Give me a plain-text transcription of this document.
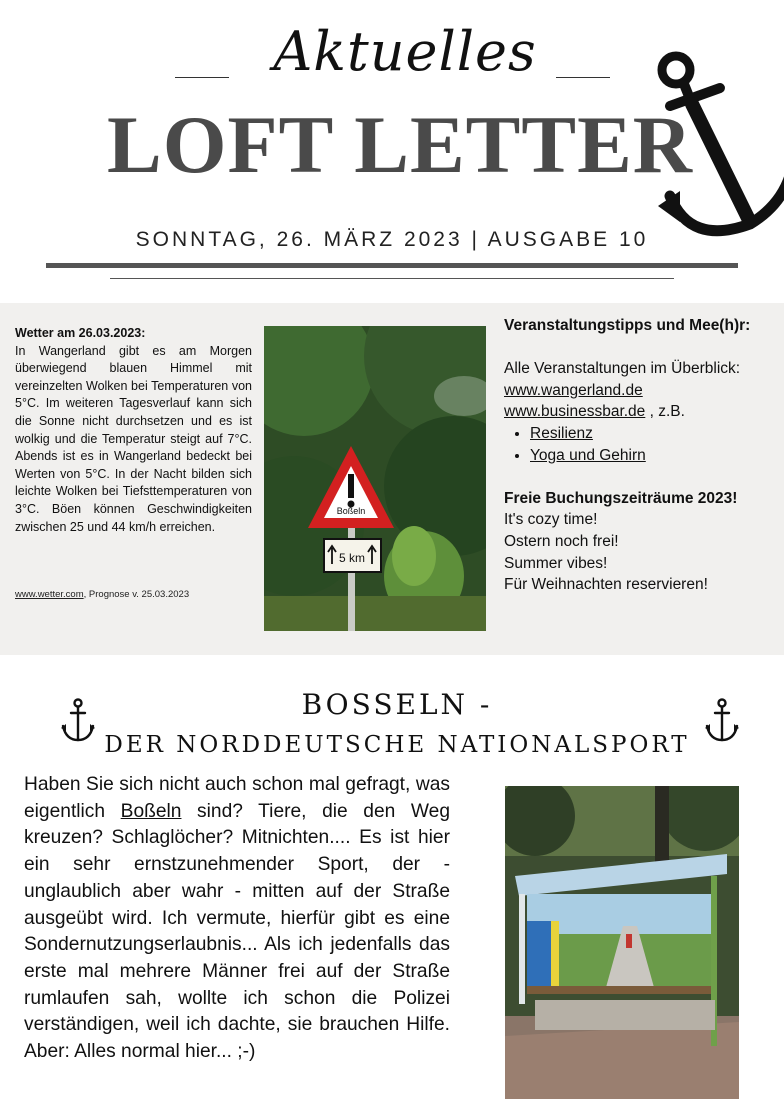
Aktuelles
LOFT LETTER
SONNTAG, 26. MÄRZ 2023 | AUSGABE 10
Wetter am 26.03.2023:
In Wangerland gibt es am Morgen überwiegend blauen Himmel mit vereinzelten Wolken bei Temperaturen von 5°C. Im weiteren Tagesverlauf kann sich die Sonne nicht durchsetzen und es ist wolkig und die Temperatur steigt auf 7°C. Abends ist es in Wangerland bedeckt bei Werten von 5°C. In der Nacht bilden sich leichte Wolken bei Tiefsttemperaturen von 3°C. Böen können Geschwindigkeiten zwischen 25 und 44 km/h erreichen.
www.wetter.com, Prognose v. 25.03.2023
Boßeln
5 km
Veranstaltungstipps und Mee(h)r:
Alle Veranstaltungen im Überblick:
www.wangerland.de
www.businessbar.de , z.B.
• Resilienz
• Yoga und Gehirn
Freie Buchungszeiträume 2023!
It's cozy time!
Ostern noch frei!
Summer vibes!
Für Weihnachten reservieren!
BOSSELN -
DER NORDDEUTSCHE NATIONALSPORT
Haben Sie sich nicht auch schon mal gefragt, was eigentlich Boßeln sind? Tiere, die den Weg kreuzen? Schlaglöcher? Mitnichten.... Es ist hier ein sehr ernstzunehmender Sport, der - unglaublich aber wahr - mitten auf der Straße ausgeübt wird. Ich vermute, hierfür gibt es eine Sondernutzungserlaubnis... Als ich jedenfalls das erste mal mehrere Männer frei auf der Straße rumlaufen sah, wollte ich schon die Polizei verständigen, weil ich dachte, sie brauchen Hilfe. Aber: Alles normal hier... ;-)
